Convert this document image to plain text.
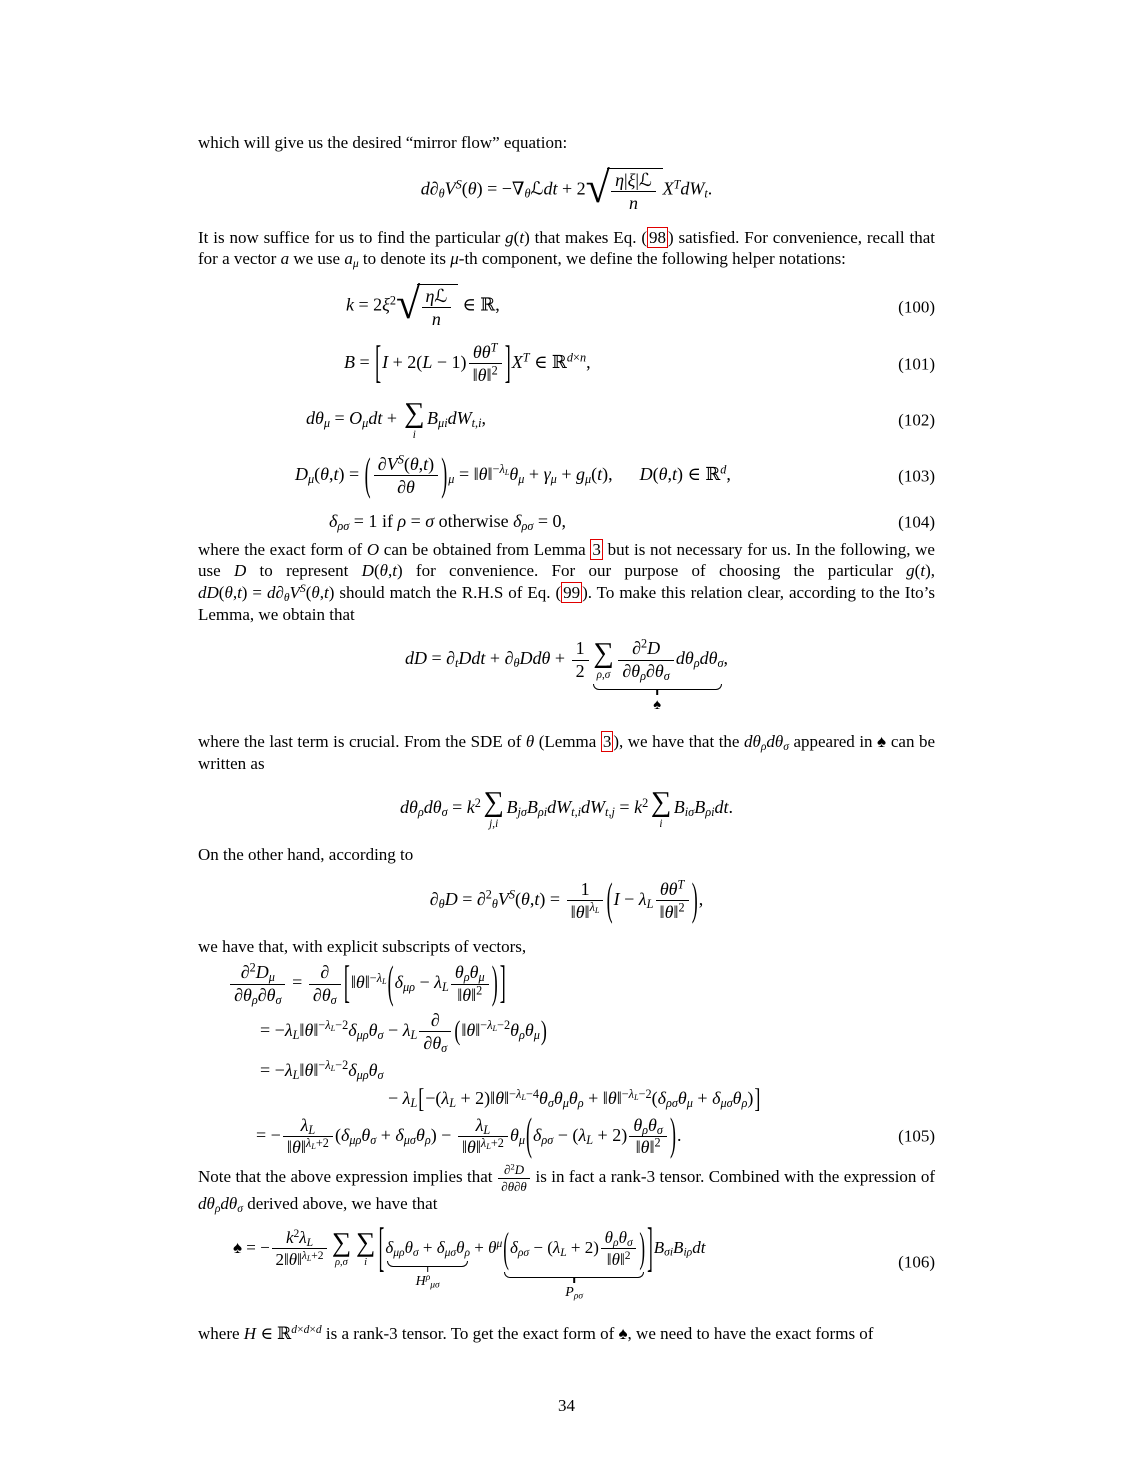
which will give us the desired “mirror flow” equation:

$d\partial_\theta V^S(\theta)$ = $-\nabla_\theta ℒdt + 2$ √ $\frac{\text{η|ξ|ℒ}}{n} X^TdW_t$.

It is now suffice for us to find the particular g(t) that makes Eq. ( 98 ) satisfied. For convenience, recall that for a vector a we use $a_\mu$ to denote its μ-th component, we define the following helper notations:

$k = 2\xi^2$ √ $\frac{\text{ηℒ}}{n}$ ∈ ℝ,	(100)
$B = [I + 2(L - 1) \frac{\theta\theta^T}{‖\theta‖^2} ]X^T$ ∈ ℝ$^{d\times n}$,	(101)
$d\theta_\mu = O_\mu dt$ + ∑
i
$B_{\mu i}dW_{t,i}$,	(102)
$D_\mu(\theta,t)$ = ( $\frac{\partial V^S(\theta,t)}{\partial\theta} )_\mu$ = $‖\theta‖^{-\lambda_L}\theta_\mu + \gamma_\mu + g_\mu(t)$, D(θ,t) ∈ ℝ$^d$,	(103)
$\delta_{\rho\sigma} = 1$ if ρ = σ otherwise $\delta_{\rho\sigma} = 0$,	(104)

where the exact form of O can be obtained from Lemma 3 but is not necessary for us. In the following, we use D to represent D(θ,t) for convenience. For our purpose of choosing the particular g(t), $dD(\theta,t) = d\partial_\theta V^S(\theta,t)$ should match the R.H.S of Eq. ( 99 ). To make this relation clear, according to the Ito’s Lemma, we obtain that

dD = $\partial_tDdt + \partial_\theta Dd\theta + \frac{1}{2}$ ∑
$\rho,\sigma \frac{\partial^2D}{\partial\theta_\rho\partial\theta_\sigma} d\theta_\rho d\theta_\sigma$
♠
,

where the last term is crucial. From the SDE of θ (Lemma 3 ), we have that the $d\theta_\rho d\theta_\sigma$ appeared in ♠ can be written as

$d\theta_\rho d\theta_\sigma = k^2$ ∑
j,i
$B_{j\sigma}B_{\rho i}dW_{t,i}dW_{t,j} = k^2$ ∑
i
$B_{i\sigma}B_{\rho i}dt$.

On the other hand, according to

$\partial_\theta D = \partial^2_\theta V^S(\theta,t) = \frac{1}{‖\theta‖^{\lambda_L}} (I - \lambda_L \frac{\theta\theta^T}{‖\theta‖^2}$ ),

we have that, with explicit subscripts of vectors,

$\frac{\partial^2D_\mu}{\partial\theta_\rho\partial\theta_\sigma} = \frac{\partial}{\partial\theta_\sigma}$ [$‖\theta‖^{-\lambda_L}(\delta_{\mu\rho} - \lambda_L \frac{\theta_\rho\theta_\mu}{‖\theta‖^2}$ ) ]
= $-\lambda_L‖\theta‖^{-\lambda_L-2}\delta_{\mu\rho}\theta_\sigma - \lambda_L \frac{\partial}{\partial\theta_\sigma}$ $(‖\theta‖^{-\lambda_L-2}\theta_\rho\theta_\mu)$
= $-\lambda_L‖\theta‖^{-\lambda_L-2}\delta_{\mu\rho}\theta_\sigma$
− $\lambda_L[-(\lambda_L$ + $2)‖\theta‖^{-\lambda_L-4}\theta_\sigma\theta_\mu\theta_\rho$ + $‖\theta‖^{-\lambda_L-2}(\delta_{\rho\sigma}\theta_\mu + \delta_{\mu\sigma}\theta_\rho)$]
= − $\frac{\lambda_L}{‖\theta‖^{\lambda_L+2}} (\delta_{\mu\rho}\theta_\sigma + \delta_{\mu\sigma}\theta_\rho) - \frac{\lambda_L}{‖\theta‖^{\lambda_L+2}} \theta_\mu(\delta_{\rho\sigma} - (\lambda_L + 2) \frac{\theta_\rho\theta_\sigma}{‖\theta‖^2}$ ).	(105)

Note that the above expression implies that $\frac{\partial^2D}{\partial\theta\partial\theta}$ is in fact a rank-3 tensor. Combined with the expression of $d\theta_\rho d\theta_\sigma$ derived above, we have that

♠ = − $\frac{k^2\lambda_L}{2‖\theta‖^{\lambda_L+2}}$ ∑
ρ,σ
∑
i [$\delta_{\mu\rho}\theta_\sigma + \delta_{\mu\sigma}\theta_\rho$
$H^\rho_{\mu\sigma}$
+ $\theta^\mu(\delta_{\rho\sigma} - (\lambda_L + 2) \frac{\theta_\rho\theta_\sigma}{‖\theta‖^2}$ )
$P_{\rho\sigma}$
]$B_{\sigma i}B_{i\rho}dt$
(106)

where H ∈ ℝ$^{d\times d\times d}$ is a rank-3 tensor. To get the exact form of ♠, we need to have the exact forms of

34
